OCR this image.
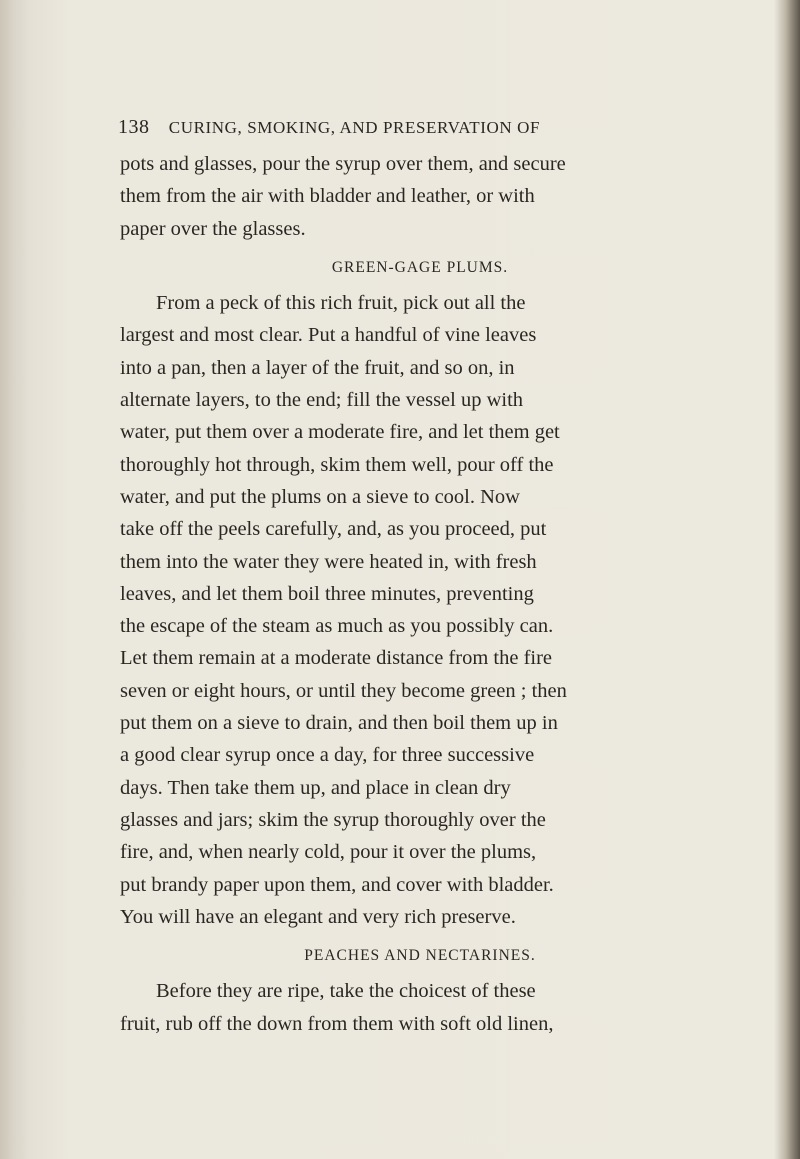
138 CURING, SMOKING, AND PRESERVATION OF
pots and glasses, pour the syrup over them, and secure
them from the air with bladder and leather, or with
paper over the glasses.
GREEN-GAGE PLUMS.
From a peck of this rich fruit, pick out all the
largest and most clear. Put a handful of vine leaves
into a pan, then a layer of the fruit, and so on, in
alternate layers, to the end; fill the vessel up with
water, put them over a moderate fire, and let them get
thoroughly hot through, skim them well, pour off the
water, and put the plums on a sieve to cool. Now
take off the peels carefully, and, as you proceed, put
them into the water they were heated in, with fresh
leaves, and let them boil three minutes, preventing
the escape of the steam as much as you possibly can.
Let them remain at a moderate distance from the fire
seven or eight hours, or until they become green ; then
put them on a sieve to drain, and then boil them up in
a good clear syrup once a day, for three successive
days. Then take them up, and place in clean dry
glasses and jars; skim the syrup thoroughly over the
fire, and, when nearly cold, pour it over the plums,
put brandy paper upon them, and cover with bladder.
You will have an elegant and very rich preserve.
PEACHES AND NECTARINES.
Before they are ripe, take the choicest of these
fruit, rub off the down from them with soft old linen,
